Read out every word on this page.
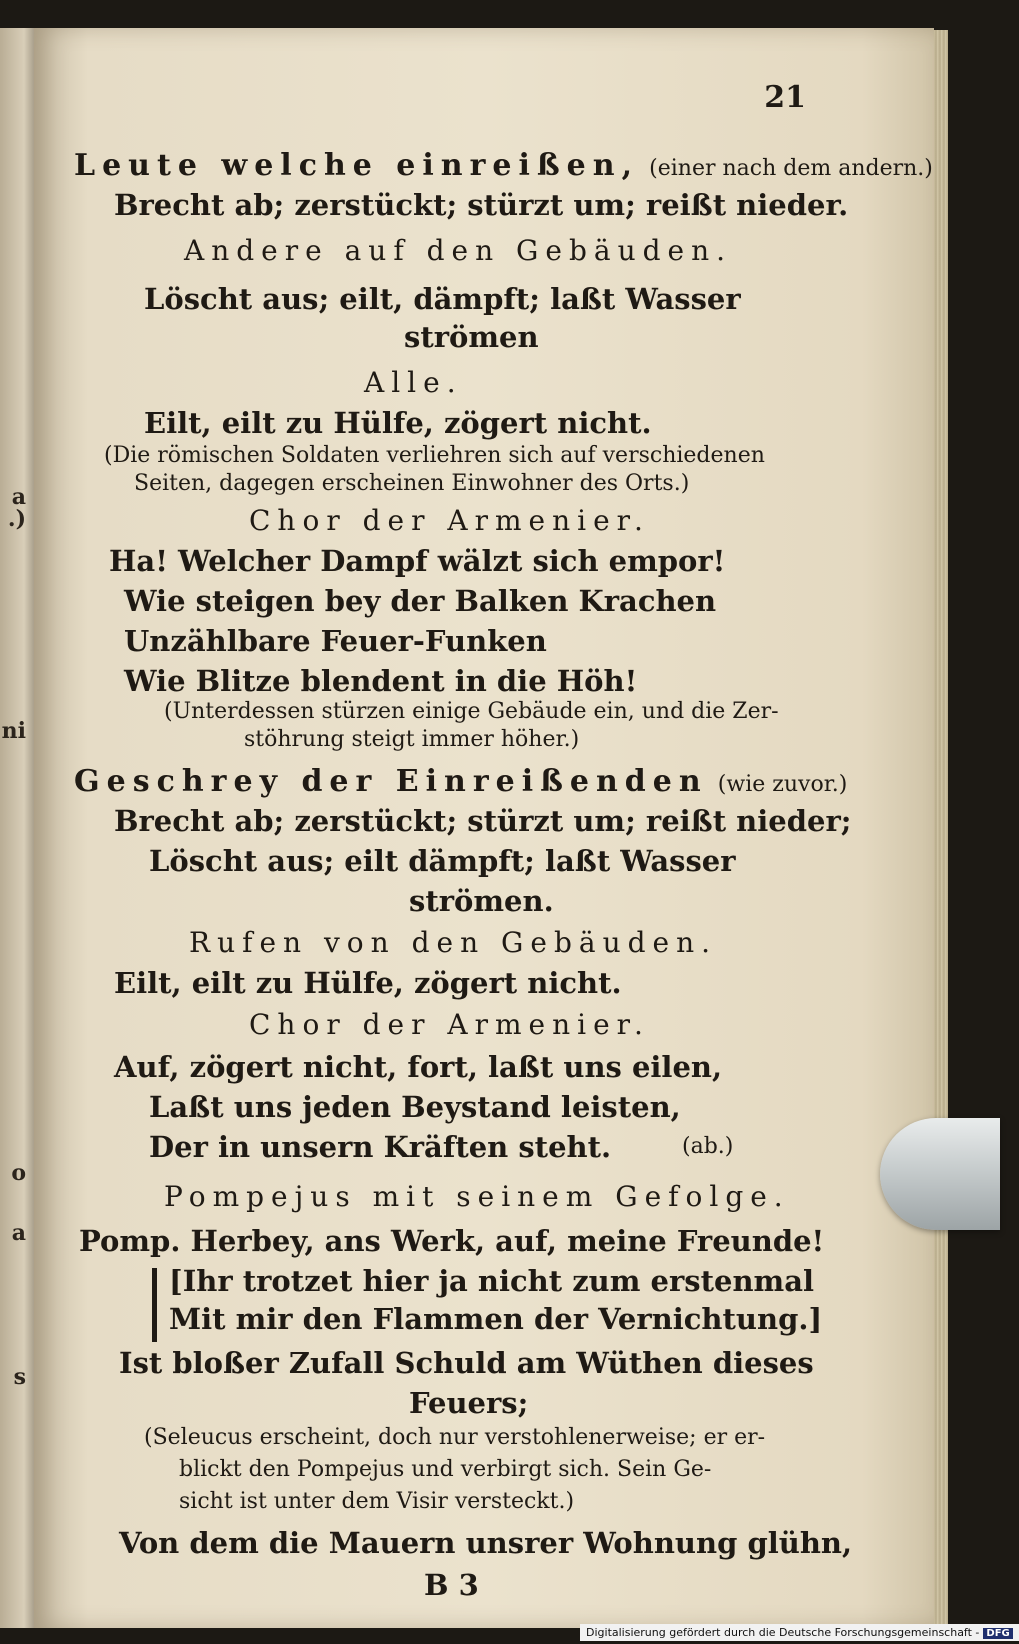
.)
a
ni
o
a
s
21
Leute welche einreißen, (einer nach dem andern.)
Brecht ab; zerstückt; stürzt um; reißt nieder.
Andere auf den Gebäuden.
Löscht aus; eilt, dämpft; laßt Wasser
strömen
Alle.
Eilt, eilt zu Hülfe, zögert nicht.
(Die römischen Soldaten verliehren sich auf verschiedenen
Seiten, dagegen erscheinen Einwohner des Orts.)
Chor der Armenier.
Ha! Welcher Dampf wälzt sich empor!
Wie steigen bey der Balken Krachen
Unzählbare Feuer-Funken
Wie Blitze blendent in die Höh!
(Unterdessen stürzen einige Gebäude ein, und die Zer-
stöhrung steigt immer höher.)
Geschrey der Einreißenden (wie zuvor.)
Brecht ab; zerstückt; stürzt um; reißt nieder;
Löscht aus; eilt dämpft; laßt Wasser
strömen.
Rufen von den Gebäuden.
Eilt, eilt zu Hülfe, zögert nicht.
Chor der Armenier.
Auf, zögert nicht, fort, laßt uns eilen,
Laßt uns jeden Beystand leisten,
Der in unsern Kräften steht.	(ab.)
Pompejus mit seinem Gefolge.
Pomp. Herbey, ans Werk, auf, meine Freunde!
[Ihr trotzet hier ja nicht zum erstenmal
Mit mir den Flammen der Vernichtung.]
Ist bloßer Zufall Schuld am Wüthen dieses
Feuers;
(Seleucus erscheint, doch nur verstohlenerweise; er er-
blickt den Pompejus und verbirgt sich. Sein Ge-
sicht ist unter dem Visir versteckt.)
Von dem die Mauern unsrer Wohnung glühn,
B 3
Digitalisierung gefördert durch die Deutsche Forschungsgemeinschaft - DFG
